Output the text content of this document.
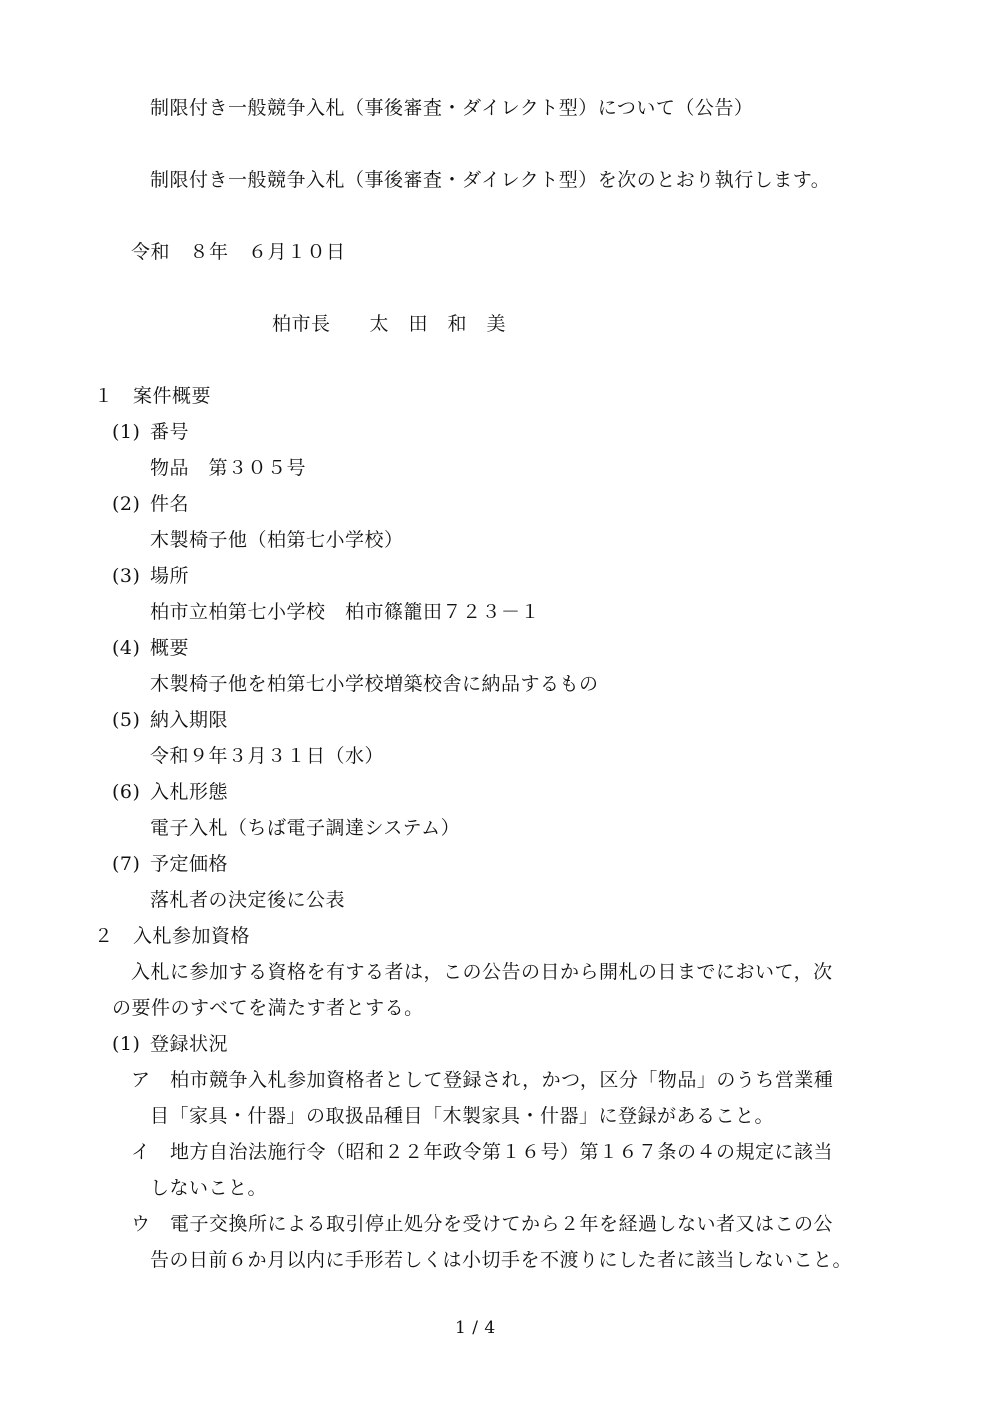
制限付き一般競争入札（事後審査・ダイレクト型）について（公告）
制限付き一般競争入札（事後審査・ダイレクト型）を次のとおり執行します。
令和　８年　６月１０日
柏市長　　太　田　和　美
１　案件概要
(1) 番号
物品　第３０５号
(2) 件名
木製椅子他（柏第七小学校）
(3) 場所
柏市立柏第七小学校　柏市篠籠田７２３－１
(4) 概要
木製椅子他を柏第七小学校増築校舎に納品するもの
(5) 納入期限
令和９年３月３１日（水）
(6) 入札形態
電子入札（ちば電子調達システム）
(7) 予定価格
落札者の決定後に公表
２　入札参加資格
入札に参加する資格を有する者は，この公告の日から開札の日までにおいて，次
の要件のすべてを満たす者とする。
(1) 登録状況
ア 柏市競争入札参加資格者として登録され，かつ，区分「物品」のうち営業種
目「家具・什器」の取扱品種目「木製家具・什器」に登録があること。
イ 地方自治法施行令（昭和２２年政令第１６号）第１６７条の４の規定に該当
しないこと。
ウ 電子交換所による取引停止処分を受けてから２年を経過しない者又はこの公
告の日前６か月以内に手形若しくは小切手を不渡りにした者に該当しないこと。
1 / 4
